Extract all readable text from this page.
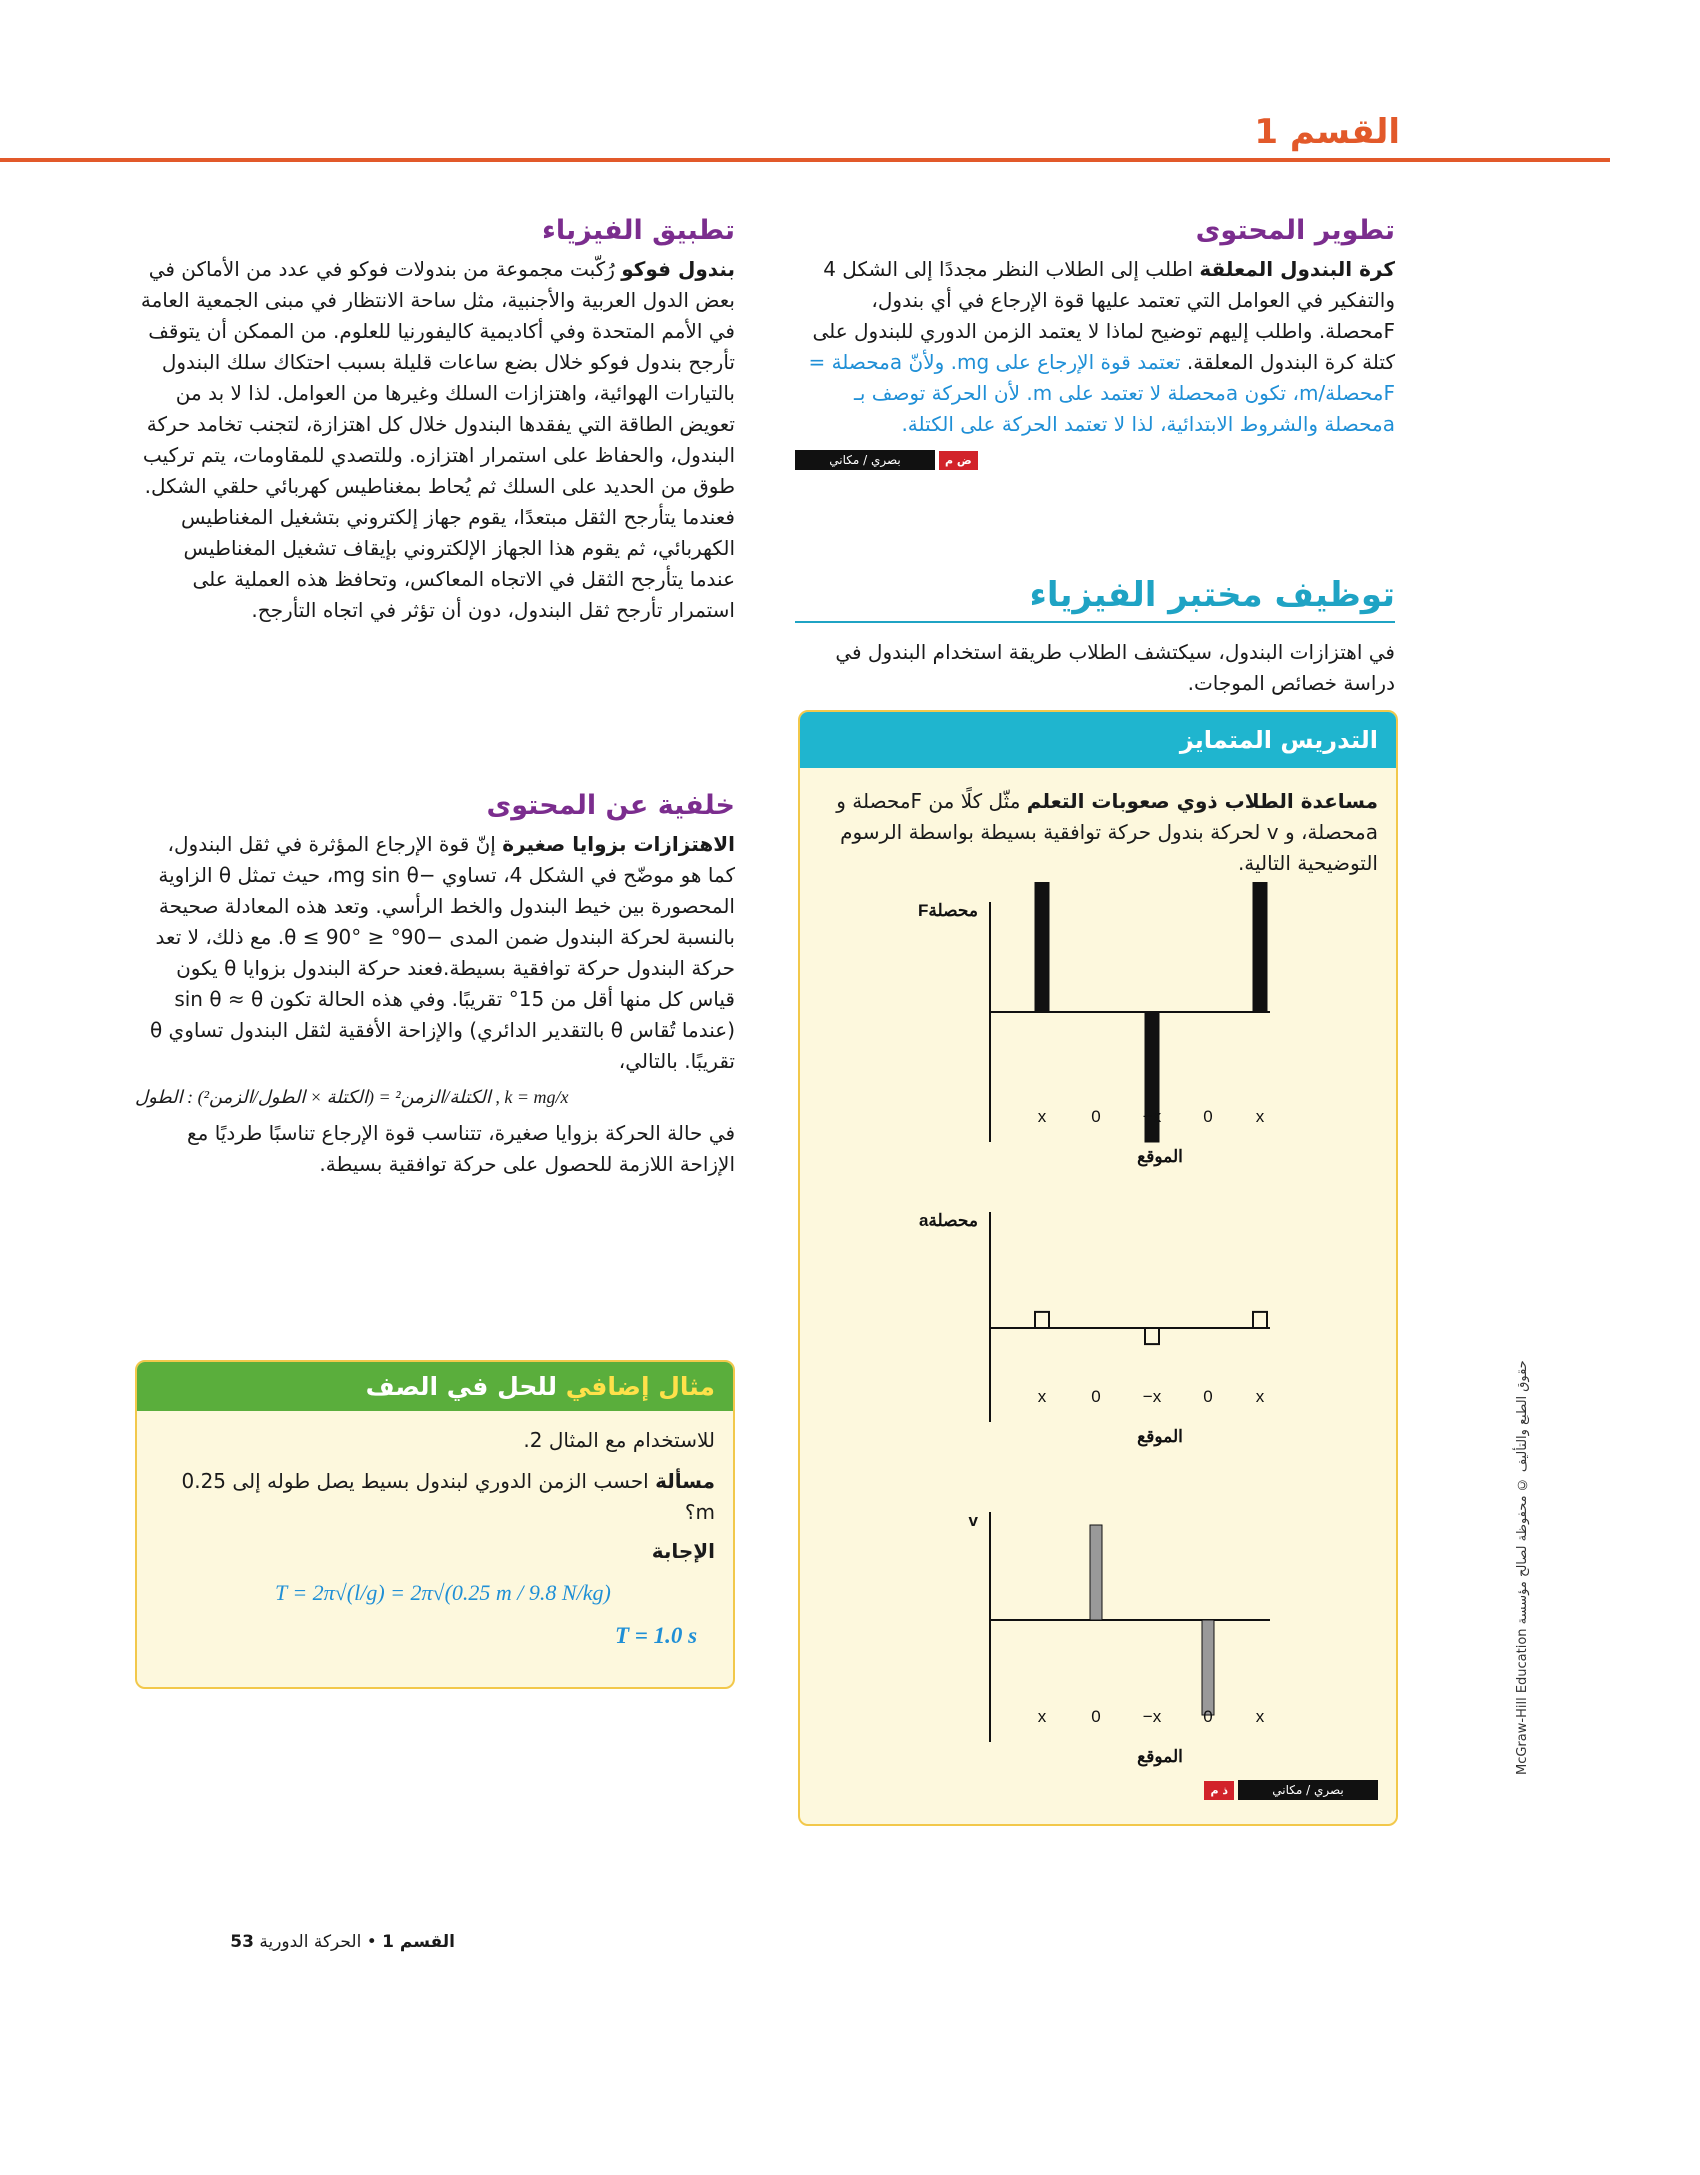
القسم 1
تطوير المحتوى
كرة البندول المعلقة اطلب إلى الطلاب النظر مجددًا إلى الشكل 4 والتفكير في العوامل التي تعتمد عليها قوة الإرجاع في أي بندول، Fمحصلة. واطلب إليهم توضيح لماذا لا يعتمد الزمن الدوري للبندول على كتلة كرة البندول المعلقة. تعتمد قوة الإرجاع على mg. ولأنّ aمحصلة = Fمحصلة/m، تكون aمحصلة لا تعتمد على m. لأن الحركة توصف بـ aمحصلة والشروط الابتدائية، لذا لا تعتمد الحركة على الكتلة.
ض م
بصري / مكاني
توظيف مختبر الفيزياء
في اهتزازات البندول، سيكتشف الطلاب طريقة استخدام البندول في دراسة خصائص الموجات.
التدريس المتمايز
مساعدة الطلاب ذوي صعوبات التعلم مثّل كلًا من Fمحصلة و aمحصلة، و v لحركة بندول حركة توافقية بسيطة بواسطة الرسوم التوضيحية التالية.
Fمحصلة
x	0 −x 0	x
الموقع
aمحصلة
x	0 −x 0	x
الموقع
v
x	0 −x 0	x
الموقع
ذ م	بصري / مكاني
تطبيق الفيزياء
بندول فوكو رُكّبت مجموعة من بندولات فوكو في عدد من الأماكن في بعض الدول العربية والأجنبية، مثل ساحة الانتظار في مبنى الجمعية العامة في الأمم المتحدة وفي أكاديمية كاليفورنيا للعلوم. من الممكن أن يتوقف تأرجح بندول فوكو خلال بضع ساعات قليلة بسبب احتكاك سلك البندول بالتيارات الهوائية، واهتزازات السلك وغيرها من العوامل. لذا لا بد من تعويض الطاقة التي يفقدها البندول خلال كل اهتزازة، لتجنب تخامد حركة البندول، والحفاظ على استمرار اهتزازه. وللتصدي للمقاومات، يتم تركيب طوق من الحديد على السلك ثم يُحاط بمغناطيس كهربائي حلقي الشكل. فعندما يتأرجح الثقل مبتعدًا، يقوم جهاز إلكتروني بتشغيل المغناطيس الكهربائي، ثم يقوم هذا الجهاز الإلكتروني بإيقاف تشغيل المغناطيس عندما يتأرجح الثقل في الاتجاه المعاكس، وتحافظ هذه العملية على استمرار تأرجح ثقل البندول، دون أن تؤثر في اتجاه التأرجح.
خلفية عن المحتوى
الاهتزازات بزوايا صغيرة إنّ قوة الإرجاع المؤثرة في ثقل البندول، كما هو موضّح في الشكل 4، تساوي −mg sin θ، حيث تمثل θ الزاوية المحصورة بين خيط البندول والخط الرأسي. وتعد هذه المعادلة صحيحة بالنسبة لحركة البندول ضمن المدى −90° ≤ θ ≤ 90°. مع ذلك، لا تعد حركة البندول حركة توافقية بسيطة.فعند حركة البندول بزوايا θ يكون قياس كل منها أقل من 15° تقريبًا. وفي هذه الحالة تكون sin θ ≈ θ (عندما تُقاس θ بالتقدير الدائري) والإزاحة الأفقية لثقل البندول تساوي θ تقريبًا. بالتالي،
الكتلة/الزمن² = (الكتلة × الطول/الزمن²) : الطول , k = mg/x
في حالة الحركة بزوايا صغيرة، تتناسب قوة الإرجاع تناسبًا طرديًا مع الإزاحة اللازمة للحصول على حركة توافقية بسيطة.
مثال إضافي للحل في الصف
للاستخدام مع المثال 2.
مسألة احسب الزمن الدوري لبندول بسيط يصل طوله إلى 0.25 m؟
الإجابة
T = 2π√(l/g) = 2π√(0.25 m / 9.8 N/kg)
T = 1.0 s
القسم 1 • الحركة الدورية 53
حقوق الطبع والتأليف © محفوظة لصالح مؤسسة McGraw-Hill Education
